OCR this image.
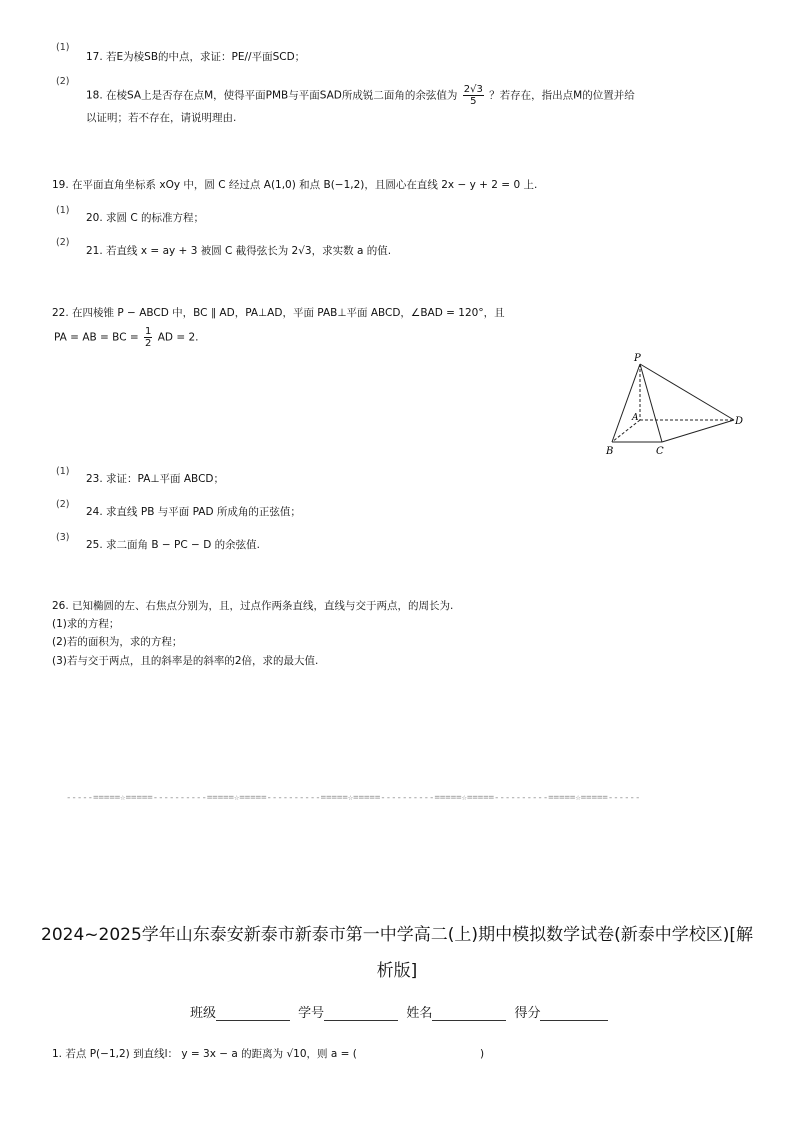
(1)
17. 若E为棱SB的中点，求证：PE//平面SCD；
(2)
18. 在棱SA上是否存在点M，使得平面PMB与平面SAD所成锐二面角的余弦值为 $\frac{2√3}{5}$ ？若存在，指出点M的位置并给
以证明；若不存在，请说明理由.
19. 在平面直角坐标系 xOy 中，圆 C 经过点 A(1,0) 和点 B(−1,2)，且圆心在直线 2x − y + 2 = 0 上.
(1)
20. 求圆 C 的标准方程；
(2)
21. 若直线 x = ay + 3 被圆 C 截得弦长为 2√3，求实数 a 的值.
22. 在四棱锥 P − ABCD 中，BC ∥ AD，PA⊥AD，平面 PAB⊥平面 ABCD，∠BAD = 120°，且
PA = AB = BC = $\frac{1}{2}$ AD = 2.
P
A
B	C
D
(1)
23. 求证：PA⊥平面 ABCD；
(2)
24. 求直线 PB 与平面 PAD 所成角的正弦值；
(3)
25. 求二面角 B − PC − D 的余弦值.
26. 已知椭圆的左、右焦点分别为，且，过点作两条直线，直线与交于两点，的周长为.
(1)求的方程；
(2)若的面积为，求的方程；
(3)若与交于两点，且的斜率是的斜率的2倍，求的最大值.
-----=====☆=====----------=====☆=====----------=====☆=====----------=====☆=====----------=====☆=====------
2024~2025学年山东泰安新泰市新泰市第一中学高二(上)期中模拟数学试卷(新泰中学校区)[解
析版]
班级	学号	姓名	得分
1. 若点 P(−1,2) 到直线l： y = 3x − a 的距离为 √10，则 a = (	)
